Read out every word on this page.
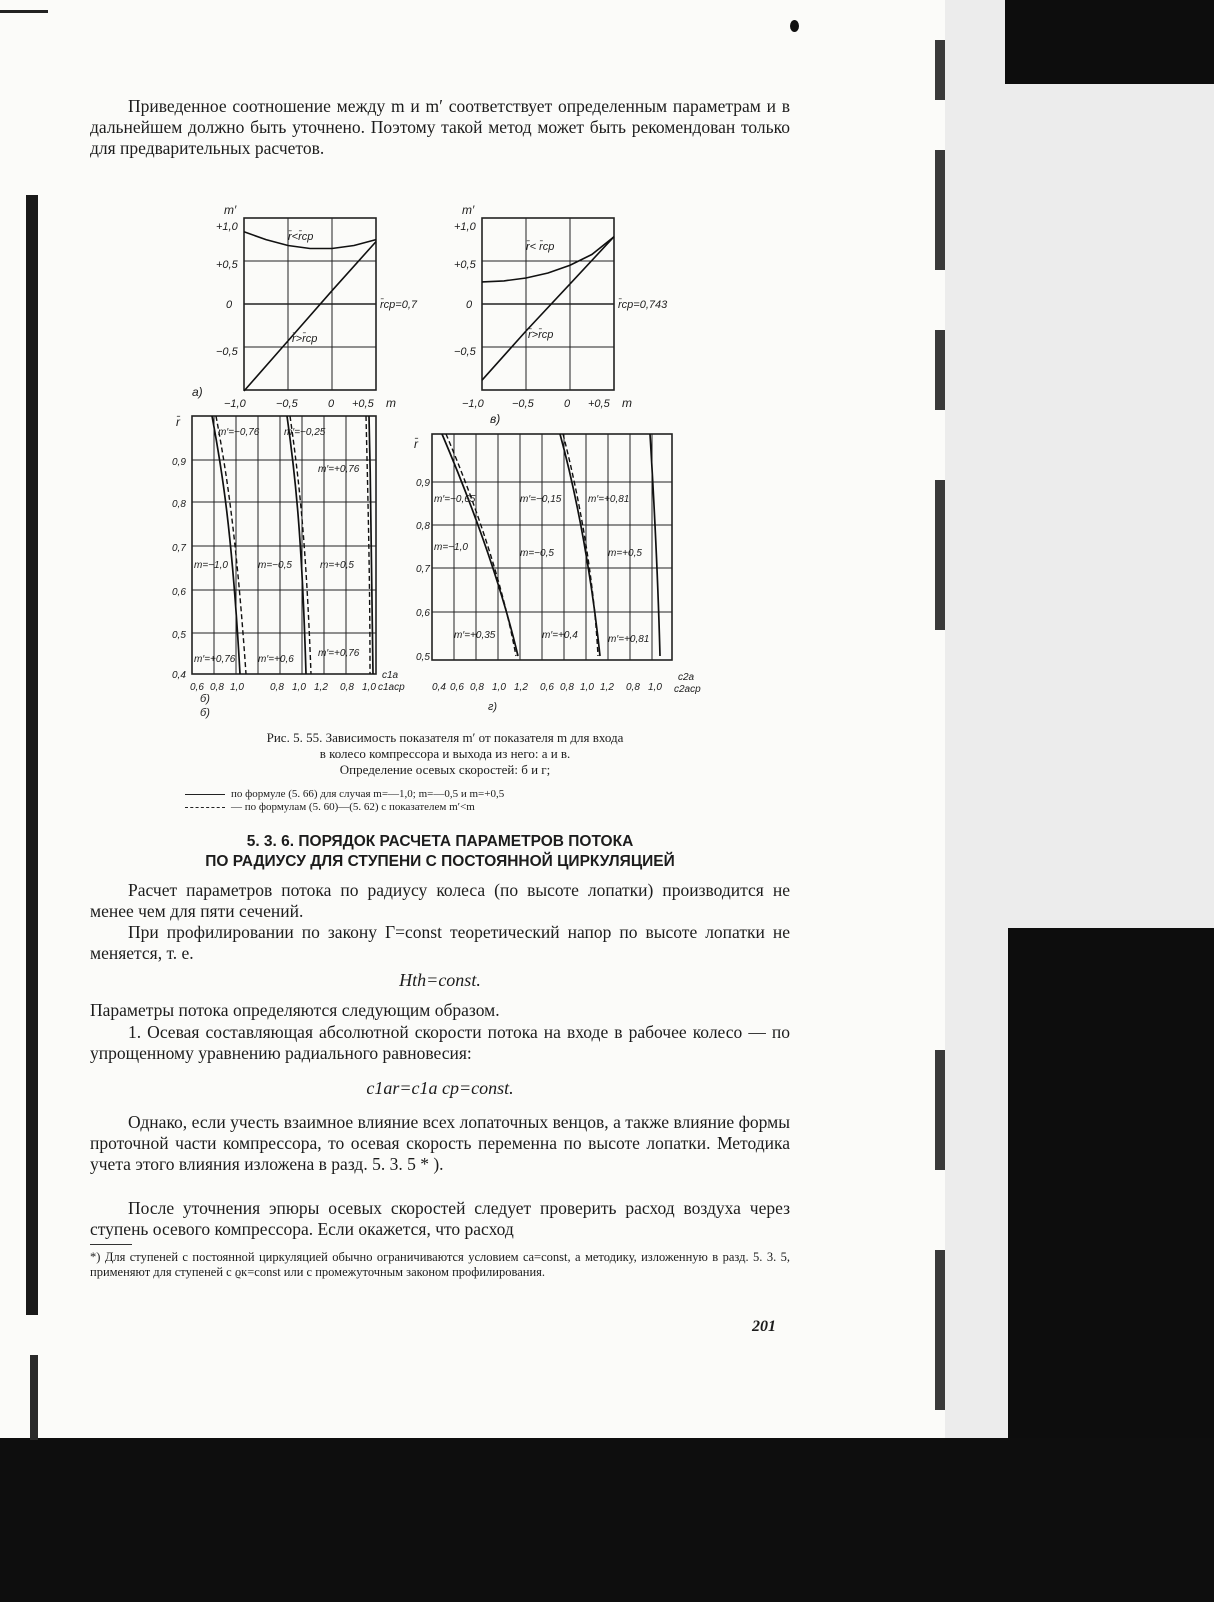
Приведенное соотношение между m и m′ соответствует определенным параметрам и в дальнейшем должно быть уточнено. Поэтому такой метод может быть рекомендован только для предварительных расчетов.

m′
+1,0
+0,5
0
−0,5
−1,0	−0,5	0 +0,5 m
a)
r̄<r̄cp
r̄>r̄cp
r̄cp=0,7
m′
+1,0
+0,5
0
−0,5
−1,0	−0,5	0 +0,5 m
в)
r̄< r̄cp
r̄>r̄cp
r̄cp=0,743
r̄
0,9
0,8
0,7
0,6
0,5
0,4
0,6 0,8 1,0	0,8 1,0 1,2 0,8 1,0
c1a
c1acp
б)
б)
m′=−0,76 m′=−0,25
m′=+0,76
m=−1,0	m=−0,5	m=+0,5
m′=+0,76 m′=+0,6
m′=+0,76
r̄
0,9
0,8
0,7
0,6
0,5
0,4 0,6 0,8 1,0 1,2 0,6 0,8 1,0 1,2 0,8 1,0
c2a
c2acp
г)
m′=−0,65	m′=−0,15	m′=+0,81
m=−1,0
m=−0,5	m=+0,5
m′=+0,35	m′=+0,4	m′=+0,81

Рис. 5. 55. Зависимость показателя m′ от показателя m для входа

в колесо компрессора и выхода из него: а и в.

Определение осевых скоростей: б и г;

по формуле (5. 66) для случая m=—1,0; m=—0,5 и m=+0,5

— по формулам (5. 60)—(5. 62) с показателем m′<m

5. 3. 6. ПОРЯДОК РАСЧЕТА ПАРАМЕТРОВ ПОТОКА

ПО РАДИУСУ ДЛЯ СТУПЕНИ С ПОСТОЯННОЙ ЦИРКУЛЯЦИЕЙ

Расчет параметров потока по радиусу колеса (по высоте лопатки) производится не менее чем для пяти сечений.

При профилировании по закону Γ=const теоретический напор по высоте лопатки не меняется, т. е.

Hth=const.

Параметры потока определяются следующим образом.

1. Осевая составляющая абсолютной скорости потока на входе в рабочее колесо — по упрощенному уравнению радиального равновесия:

c1ar=c1a cp=const.

Однако, если учесть взаимное влияние всех лопаточных венцов, а также влияние формы проточной части компрессора, то осевая скорость переменна по высоте лопатки. Методика учета этого влияния изложена в разд. 5. 3. 5 * ).

После уточнения эпюры осевых скоростей следует проверить расход воздуха через ступень осевого компрессора. Если окажется, что расход

*) Для ступеней с постоянной циркуляцией обычно ограничиваются условием ca=const, а методику, изложенную в разд. 5. 3. 5, применяют для ступеней с ϱк=const или с промежуточным законом профилирования.

201
